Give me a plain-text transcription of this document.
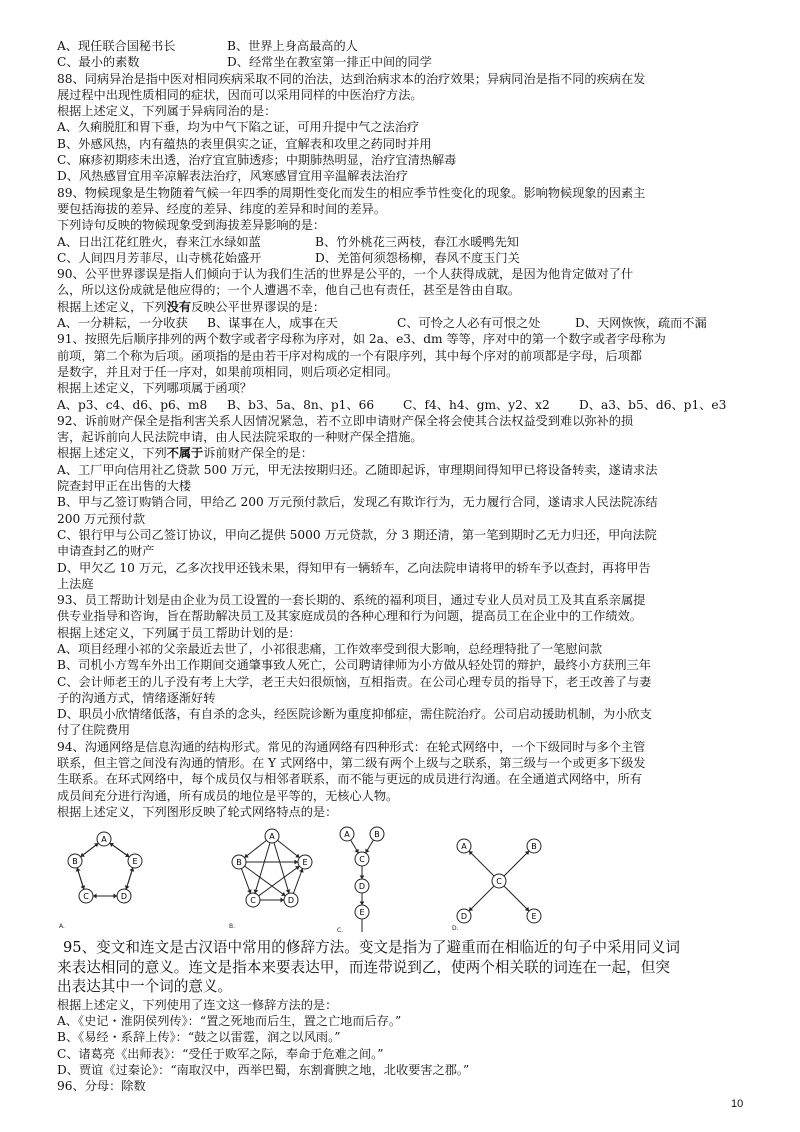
A、现任联合国秘书长	B、世界上身高最高的人
C、最小的素数	D、经常坐在教室第一排正中间的同学
88、同病异治是指中医对相同疾病采取不同的治法，达到治病求本的治疗效果；异病同治是指不同的疾病在发
展过程中出现性质相同的症状，因而可以采用同样的中医治疗方法。
根据上述定义，下列属于异病同治的是：
A、久痢脱肛和胃下垂，均为中气下陷之证，可用升提中气之法治疗
B、外感风热，内有蕴热的表里俱实之证，宜解表和攻里之药同时并用
C、麻疹初期疹未出透，治疗宜宣肺透疹；中期肺热明显，治疗宜清热解毒
D、风热感冒宜用辛凉解表法治疗，风寒感冒宜用辛温解表法治疗
89、物候现象是生物随着气候一年四季的周期性变化而发生的相应季节性变化的现象。影响物候现象的因素主
要包括海拔的差异、经度的差异、纬度的差异和时间的差异。
下列诗句反映的物候现象受到海拔差异影响的是：
A、日出江花红胜火，春来江水绿如蓝	B、竹外桃花三两枝，春江水暖鸭先知
C、人间四月芳菲尽，山寺桃花始盛开	D、羌笛何须怨杨柳，春风不度玉门关
90、公平世界谬误是指人们倾向于认为我们生活的世界是公平的，一个人获得成就，是因为他肯定做对了什
么，所以这份成就是他应得的；一个人遭遇不幸，他自己也有责任，甚至是咎由自取。
根据上述定义，下列没有反映公平世界谬误的是：
A、一分耕耘，一分收获	B、谋事在人，成事在天	C、可怜之人必有可恨之处	D、天网恢恢，疏而不漏
91、按照先后顺序排列的两个数字或者字母称为序对，如 2a、e3、dm 等等，序对中的第一个数字或者字母称为
前项，第二个称为后项。函项指的是由若干序对构成的一个有限序列，其中每个序对的前项都是字母，后项都
是数字，并且对于任一序对，如果前项相同，则后项必定相同。
根据上述定义，下列哪项属于函项？
A、p3、c4、d6、p6、m8	B、b3、5a、8n、p1、66	C、f4、h4、gm、y2、x2	D、a3、b5、d6、p1、e3
92、诉前财产保全是指利害关系人因情况紧急，若不立即申请财产保全将会使其合法权益受到难以弥补的损
害，起诉前向人民法院申请，由人民法院采取的一种财产保全措施。
根据上述定义，下列不属于诉前财产保全的是：
A、工厂甲向信用社乙贷款 500 万元，甲无法按期归还。乙随即起诉，审理期间得知甲已将设备转卖，遂请求法
院查封甲正在出售的大楼
B、甲与乙签订购销合同，甲给乙 200 万元预付款后，发现乙有欺诈行为，无力履行合同，遂请求人民法院冻结
200 万元预付款
C、银行甲与公司乙签订协议，甲向乙提供 5000 万元贷款，分 3 期还清，第一笔到期时乙无力归还，甲向法院
申请查封乙的财产
D、甲欠乙 10 万元，乙多次找甲还钱未果，得知甲有一辆轿车，乙向法院申请将甲的轿车予以查封，再将甲告
上法庭
93、员工帮助计划是由企业为员工设置的一套长期的、系统的福利项目，通过专业人员对员工及其直系亲属提
供专业指导和咨询，旨在帮助解决员工及其家庭成员的各种心理和行为问题，提高员工在企业中的工作绩效。
根据上述定义，下列属于员工帮助计划的是：
A、项目经理小祁的父亲最近去世了，小祁很悲痛，工作效率受到很大影响，总经理特批了一笔慰问款
B、司机小方驾车外出工作期间交通肇事致人死亡，公司聘请律师为小方做从轻处罚的辩护，最终小方获刑三年
C、会计师老王的儿子没有考上大学，老王夫妇很烦恼，互相指责。在公司心理专员的指导下，老王改善了与妻
子的沟通方式，情绪逐渐好转
D、职员小欣情绪低落，有自杀的念头，经医院诊断为重度抑郁症，需住院治疗。公司启动援助机制，为小欣支
付了住院费用
94、沟通网络是信息沟通的结构形式。常见的沟通网络有四种形式：在轮式网络中，一个下级同时与多个主管
联系，但主管之间没有沟通的情形。在 Y 式网络中，第二级有两个上级与之联系，第三级与一个或更多下级发
生联系。在环式网络中，每个成员仅与相邻者联系，而不能与更远的成员进行沟通。在全通道式网络中，所有
成员间充分进行沟通，所有成员的地位是平等的，无核心人物。
根据上述定义，下列图形反映了轮式网络特点的是：
A
B
C	D
E
A.
A
B
C	D
E
B.
A	B
C
D
E
C.
A	B
C
D	E
D.
95、变文和连文是古汉语中常用的修辞方法。变文是指为了避重而在相临近的句子中采用同义词
来表达相同的意义。连文是指本来要表达甲，而连带说到乙，使两个相关联的词连在一起，但突
出表达其中一个词的意义。
根据上述定义，下列使用了连文这一修辞方法的是：
A、《史记・淮阴侯列传》：“置之死地而后生，置之亡地而后存。”
B、《易经・系辞上传》：“鼓之以雷霆，润之以风雨。”
C、诸葛亮《出师表》：“受任于败军之际，奉命于危难之间。”
D、贾谊《过秦论》：“南取汉中，西举巴蜀，东割膏腴之地，北收要害之郡。”
96、分母：除数
10
